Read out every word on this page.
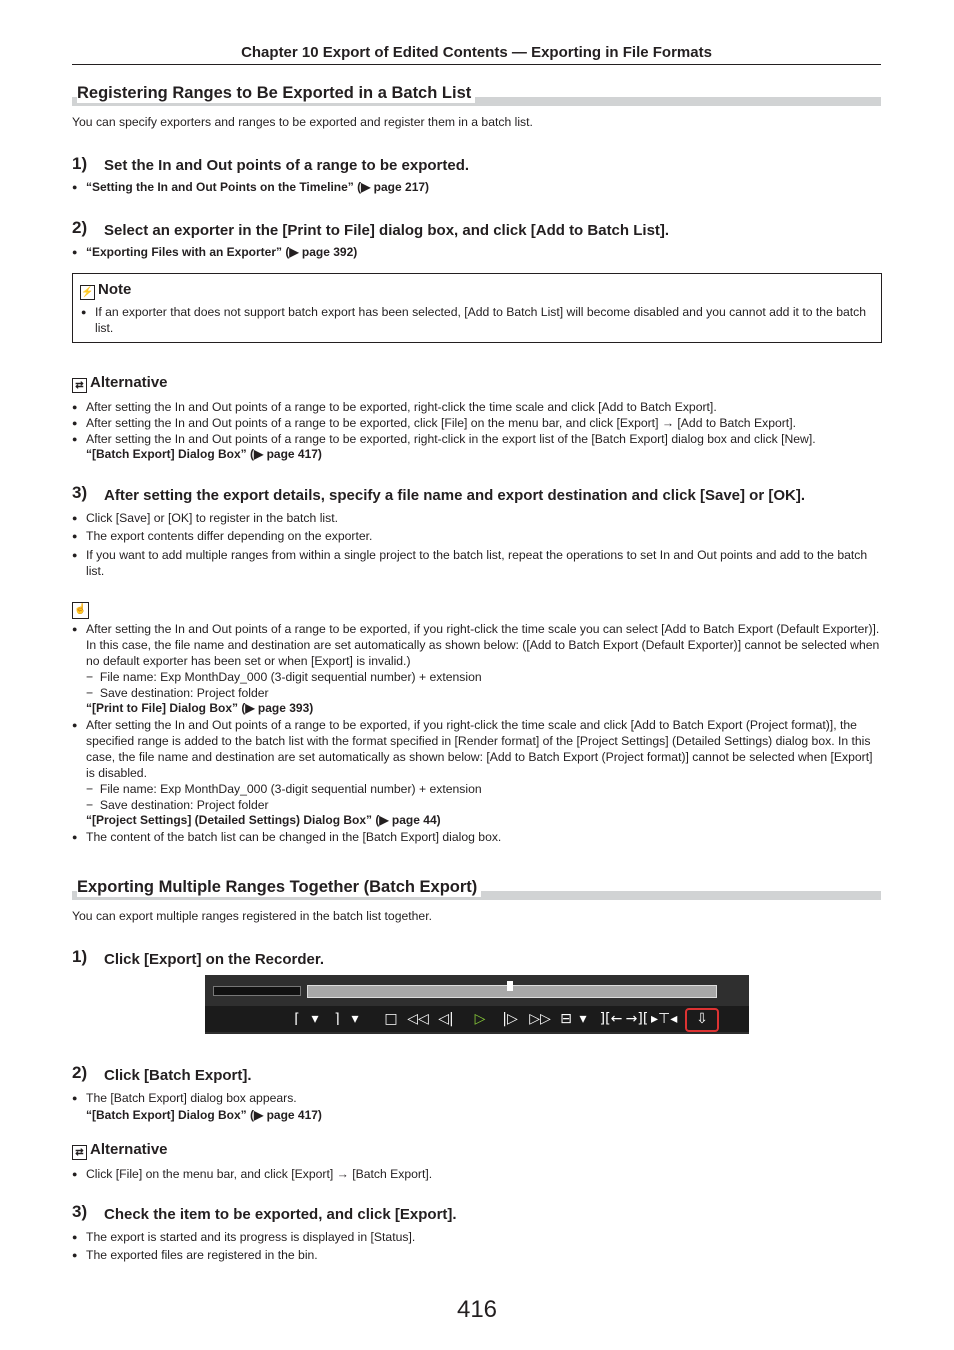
Chapter 10 Export of Edited Contents — Exporting in File Formats
Registering Ranges to Be Exported in a Batch List
You can specify exporters and ranges to be exported and register them in a batch list.
1) Set the In and Out points of a range to be exported.
● “Setting the In and Out Points on the Timeline” (▶ page 217)
2) Select an exporter in the [Print to File] dialog box, and click [Add to Batch List].
● “Exporting Files with an Exporter” (▶ page 392)
⚡ Note
● If an exporter that does not support batch export has been selected, [Add to Batch List] will become disabled and you cannot add it to the batch list.
⇄ Alternative
● After setting the In and Out points of a range to be exported, right-click the time scale and click [Add to Batch Export].
● After setting the In and Out points of a range to be exported, click [File] on the menu bar, and click [Export] → [Add to Batch Export].
● After setting the In and Out points of a range to be exported, right-click in the export list of the [Batch Export] dialog box and click [New].
“[Batch Export] Dialog Box” (▶ page 417)
3) After setting the export details, specify a file name and export destination and click [Save] or [OK].
● Click [Save] or [OK] to register in the batch list.
● The export contents differ depending on the exporter.
● If you want to add multiple ranges from within a single project to the batch list, repeat the operations to set In and Out points and add to the batch list.
☝
● After setting the In and Out points of a range to be exported, if you right-click the time scale you can select [Add to Batch Export (Default Exporter)]. In this case, the file name and destination are set automatically as shown below: ([Add to Batch Export (Default Exporter)] cannot be selected when no default exporter has been set or when [Export] is invalid.)
−  File name: Exp MonthDay_000 (3-digit sequential number) + extension
−  Save destination: Project folder
“[Print to File] Dialog Box” (▶ page 393)
● After setting the In and Out points of a range to be exported, if you right-click the time scale and click [Add to Batch Export (Project format)], the specified range is added to the batch list with the format specified in [Render format] of the [Project Settings] (Detailed Settings) dialog box. In this case, the file name and destination are set automatically as shown below: [Add to Batch Export (Project format)] cannot be selected when [Export] is disabled.
−  File name: Exp MonthDay_000 (3-digit sequential number) + extension
−  Save destination: Project folder
“[Project Settings] (Detailed Settings) Dialog Box” (▶ page 44)
● The content of the batch list can be changed in the [Batch Export] dialog box.
Exporting Multiple Ranges Together (Batch Export)
You can export multiple ranges registered in the batch list together.
1) Click [Export] on the Recorder.
⌈ ▾	⌉ ▾ □ ◁◁ ◁|	▷	|▷ ▷▷ ⊟ ▾ ][← →][ ▸⊤◂	⇩
2) Click [Batch Export].
● The [Batch Export] dialog box appears.
“[Batch Export] Dialog Box” (▶ page 417)
⇄ Alternative
● Click [File] on the menu bar, and click [Export] → [Batch Export].
3) Check the item to be exported, and click [Export].
● The export is started and its progress is displayed in [Status].
● The exported files are registered in the bin.
416
